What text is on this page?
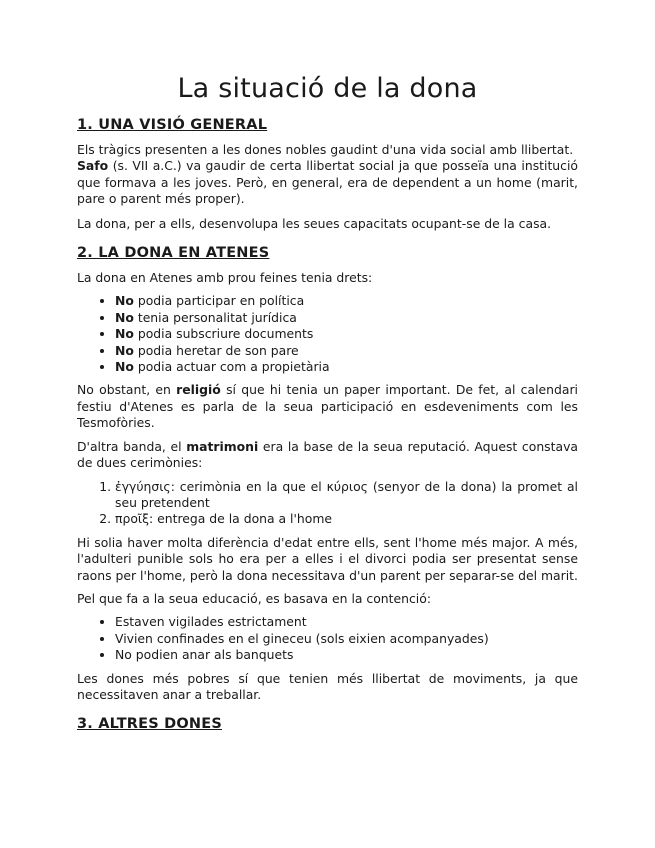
La situació de la dona
1. UNA VISIÓ GENERAL

Els tràgics presenten a les dones nobles gaudint d'una vida social amb llibertat.

Safo (s. VII a.C.) va gaudir de certa llibertat social ja que posseïa una institució que formava a les joves. Però, en general, era de dependent a un home (marit, pare o parent més proper).

La dona, per a ells, desenvolupa les seues capacitats ocupant-se de la casa.

2. LA DONA EN ATENES

La dona en Atenes amb prou feines tenia drets:

• No podia participar en política
• No tenia personalitat jurídica
• No podia subscriure documents
• No podia heretar de son pare
• No podia actuar com a propietària

No obstant, en religió sí que hi tenia un paper important. De fet, al calendari festiu d'Atenes es parla de la seua participació en esdeveniments com les Tesmofòries.

D'altra banda, el matrimoni era la base de la seua reputació. Aquest constava de dues cerimònies:

1. ἐγγύησις: cerimònia en la que el κύριος (senyor de la dona) la promet al seu pretendent
2. προῖξ: entrega de la dona a l'home

Hi solia haver molta diferència d'edat entre ells, sent l'home més major. A més, l'adulteri punible sols ho era per a elles i el divorci podia ser presentat sense raons per l'home, però la dona necessitava d'un parent per separar-se del marit.

Pel que fa a la seua educació, es basava en la contenció:

• Estaven vigilades estrictament
• Vivien confinades en el gineceu (sols eixien acompanyades)
• No podien anar als banquets

Les dones més pobres sí que tenien més llibertat de moviments, ja que necessitaven anar a treballar.

3. ALTRES DONES
